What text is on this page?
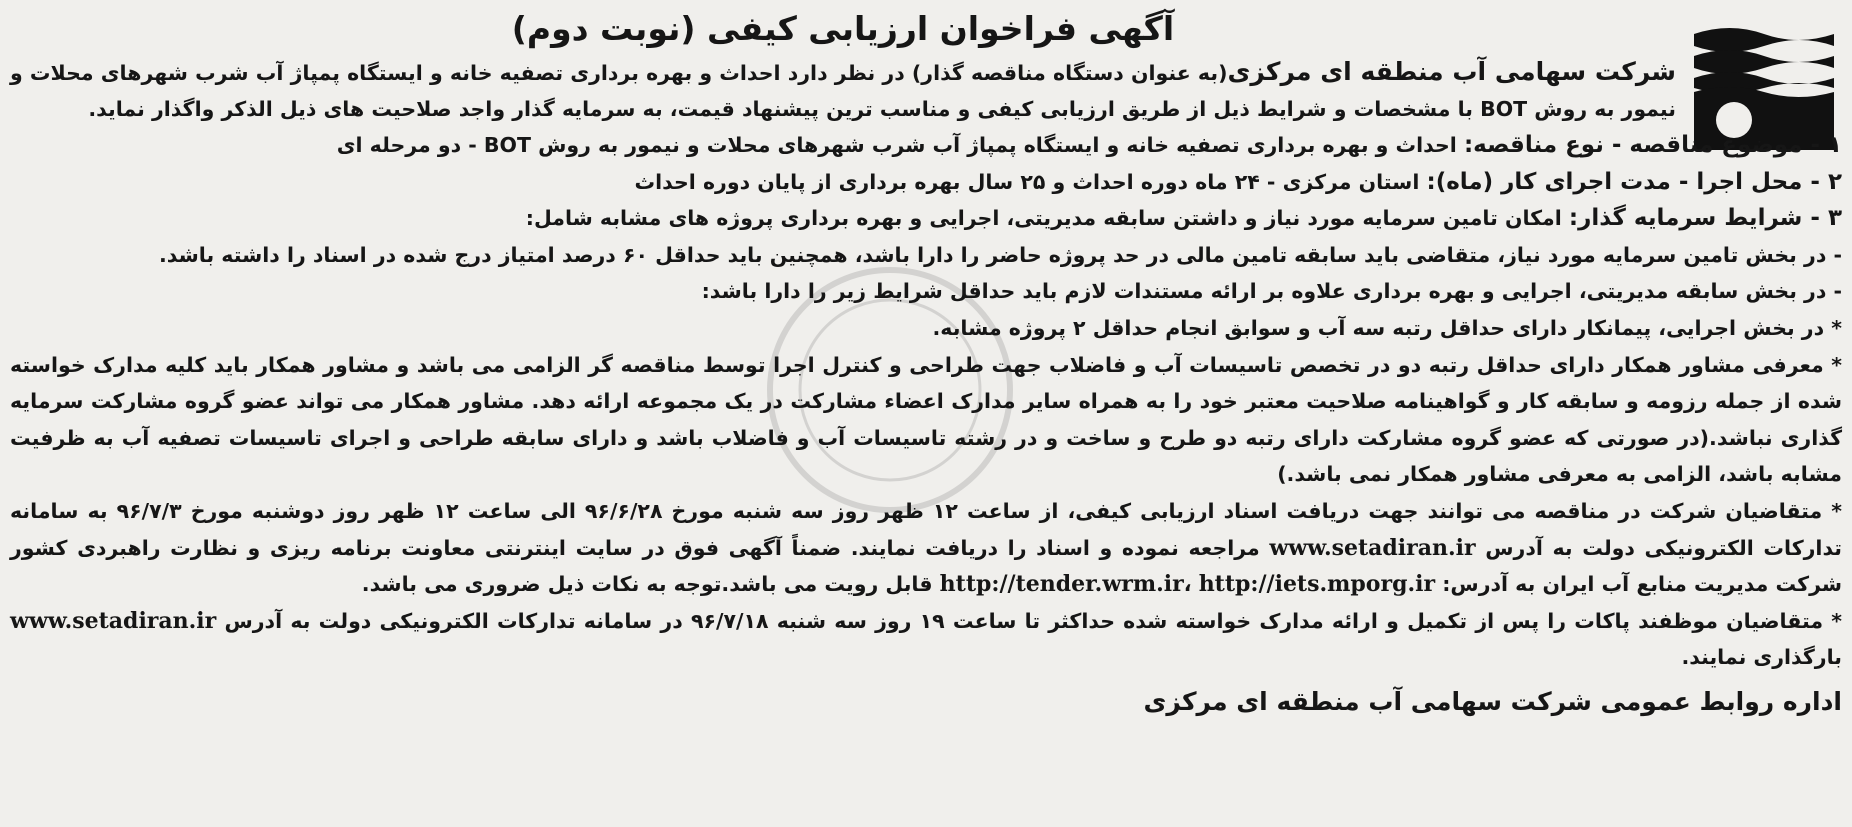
آگهی فراخوان ارزیابی کیفی (نوبت دوم)

شرکت سهامی آب منطقه ای مرکزی(به عنوان دستگاه مناقصه گذار) در نظر دارد احداث و بهره برداری تصفیه خانه و ایستگاه پمپاژ آب شرب شهرهای محلات و نیمور به روش BOT با مشخصات و شرایط ذیل از طریق ارزیابی کیفی و مناسب ترین پیشنهاد قیمت، به سرمایه گذار واجد صلاحیت های ذیل الذکر واگذار نماید.

۱ - موضوع مناقصه - نوع مناقصه: احداث و بهره برداری تصفیه خانه و ایستگاه پمپاژ آب شرب شهرهای محلات و نیمور به روش BOT - دو مرحله ای

۲ - محل اجرا - مدت اجرای کار (ماه): استان مرکزی - ۲۴ ماه دوره احداث و ۲۵ سال بهره برداری از پایان دوره احداث

۳ - شرایط سرمایه گذار: امکان تامین سرمایه مورد نیاز و داشتن سابقه مدیریتی، اجرایی و بهره برداری پروژه های مشابه شامل:

- در بخش تامین سرمایه مورد نیاز، متقاضی باید سابقه تامین مالی در حد پروژه حاضر را دارا باشد، همچنین باید حداقل ۶۰ درصد امتیاز درج شده در اسناد را داشته باشد.

- در بخش سابقه مدیریتی، اجرایی و بهره برداری علاوه بر ارائه مستندات لازم باید حداقل شرایط زیر را دارا باشد:

* در بخش اجرایی، پیمانکار دارای حداقل رتبه سه آب و سوابق انجام حداقل ۲ پروژه مشابه.

* معرفی مشاور همکار دارای حداقل رتبه دو در تخصص تاسیسات آب و فاضلاب جهت طراحی و کنترل اجرا توسط مناقصه گر الزامی می باشد و مشاور همکار باید کلیه مدارک خواسته شده از جمله رزومه و سابقه کار و گواهینامه صلاحیت معتبر خود را به همراه سایر مدارک اعضاء مشارکت در یک مجموعه ارائه دهد. مشاور همکار می تواند عضو گروه مشارکت سرمایه گذاری نباشد.(در صورتی که عضو گروه مشارکت دارای رتبه دو طرح و ساخت و در رشته تاسیسات آب و فاضلاب باشد و دارای سابقه طراحی و اجرای تاسیسات تصفیه آب به ظرفیت مشابه باشد، الزامی به معرفی مشاور همکار نمی باشد.)

* متقاضیان شرکت در مناقصه می توانند جهت دریافت اسناد ارزیابی کیفی، از ساعت ۱۲ ظهر روز سه شنبه مورخ ۹۶/۶/۲۸ الی ساعت ۱۲ ظهر روز دوشنبه مورخ ۹۶/۷/۳ به سامانه تدارکات الکترونیکی دولت به آدرس www.setadiran.ir مراجعه نموده و اسناد را دریافت نمایند. ضمناً آگهی فوق در سایت اینترنتی معاونت برنامه ریزی و نظارت راهبردی کشور شرکت مدیریت منابع آب ایران به آدرس: http://tender.wrm.ir، http://iets.mporg.ir قابل رویت می باشد.توجه به نکات ذیل ضروری می باشد.

* متقاضیان موظفند پاکات را پس از تکمیل و ارائه مدارک خواسته شده حداکثر تا ساعت ۱۹ روز سه شنبه ۹۶/۷/۱۸ در سامانه تدارکات الکترونیکی دولت به آدرس www.setadiran.ir بارگذاری نمایند.

اداره روابط عمومی شرکت سهامی آب منطقه ای مرکزی
